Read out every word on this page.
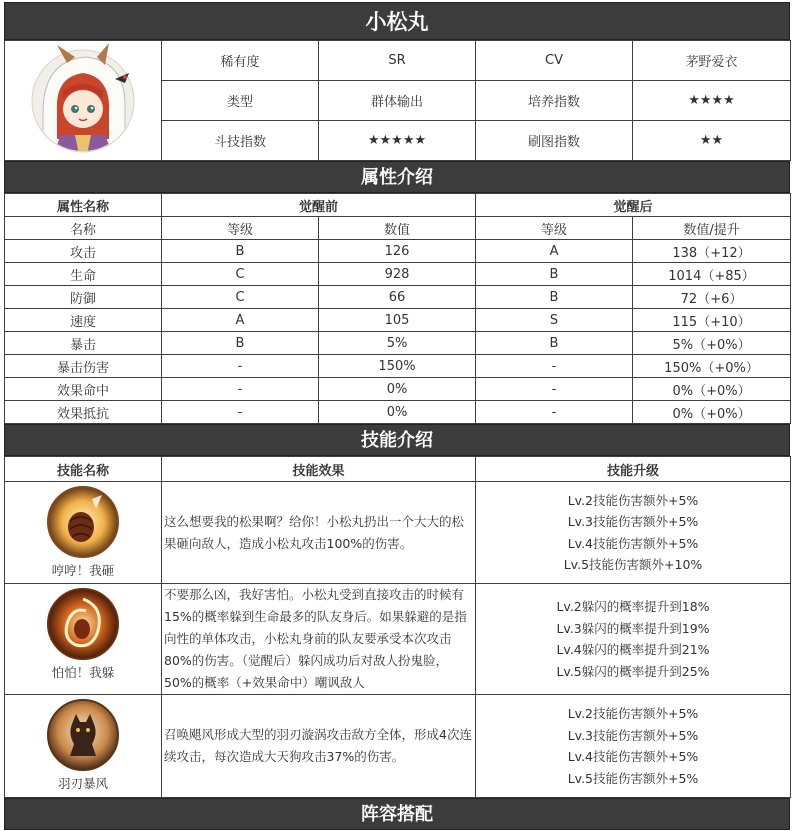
小松丸
	稀有度	SR	CV	茅野爱衣
	类型	群体输出	培养指数	★★★★
	斗技指数	★★★★★	刷图指数	★★
属性介绍
属性名称	觉醒前		觉醒后	
名称	等级	数值	等级	数值/提升
攻击	B	126	A	138（+12）
生命	C	928	B	1014（+85）
防御	C	66	B	72（+6）
速度	A	105	S	115（+10）
暴击	B	5%	B	5%（+0%）
暴击伤害	-	150%	-	150%（+0%）
效果命中	-	0%	-	0%（+0%）
效果抵抗	-	0%	-	0%（+0%）
技能介绍
技能名称	技能效果	技能升级

哼哼！我砸	这么想要我的松果啊？给你！小松丸扔出一个大大的松果砸向敌人，造成小松丸攻击100%的伤害。	Lv.2技能伤害额外+5%
Lv.3技能伤害额外+5%
Lv.4技能伤害额外+5%
Lv.5技能伤害额外+10%

怕怕！我躲	不要那么凶，我好害怕。小松丸受到直接攻击的时候有15%的概率躲到生命最多的队友身后。如果躲避的是指向性的单体攻击，小松丸身前的队友要承受本次攻击80%的伤害。（觉醒后）躲闪成功后对敌人扮鬼脸，50%的概率（+效果命中）嘲讽敌人	Lv.2躲闪的概率提升到18%
Lv.3躲闪的概率提升到19%
Lv.4躲闪的概率提升到21%
Lv.5躲闪的概率提升到25%

羽刃暴风	召唤飓风形成大型的羽刃漩涡攻击敌方全体，形成4次连续攻击，每次造成大天狗攻击37%的伤害。	Lv.2技能伤害额外+5%
Lv.3技能伤害额外+5%
Lv.4技能伤害额外+5%
Lv.5技能伤害额外+5%
阵容搭配
